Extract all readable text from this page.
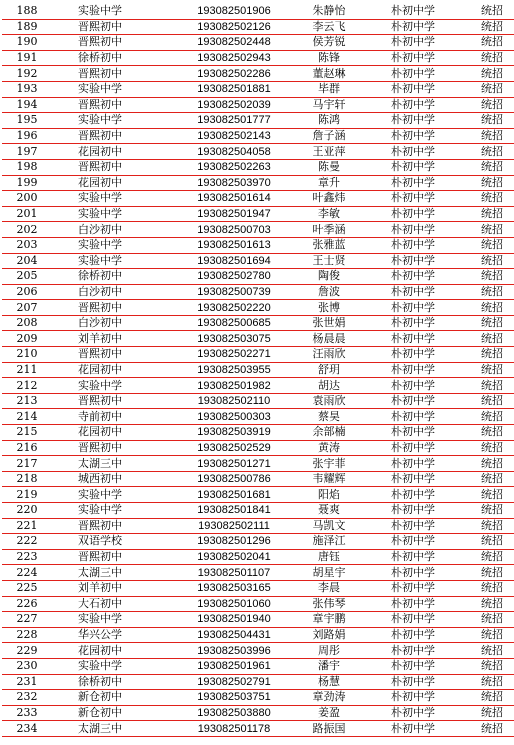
188	实验中学	193082501906	朱静怡	朴初中学	统招
189	晋熙初中	193082502126	李云飞	朴初中学	统招
190	晋熙初中	193082502448	侯芳锐	朴初中学	统招
191	徐桥初中	193082502943	陈锋	朴初中学	统招
192	晋熙初中	193082502286	董赵琳	朴初中学	统招
193	实验中学	193082501881	毕群	朴初中学	统招
194	晋熙初中	193082502039	马宇轩	朴初中学	统招
195	实验中学	193082501777	陈鸿	朴初中学	统招
196	晋熙初中	193082502143	詹子涵	朴初中学	统招
197	花园初中	193082504058	王亚萍	朴初中学	统招
198	晋熙初中	193082502263	陈曼	朴初中学	统招
199	花园初中	193082503970	章升	朴初中学	统招
200	实验中学	193082501614	叶鑫炜	朴初中学	统招
201	实验中学	193082501947	李敏	朴初中学	统招
202	白沙初中	193082500703	叶季涵	朴初中学	统招
203	实验中学	193082501613	张雅蓝	朴初中学	统招
204	实验中学	193082501694	王士贤	朴初中学	统招
205	徐桥初中	193082502780	陶俊	朴初中学	统招
206	白沙初中	193082500739	詹波	朴初中学	统招
207	晋熙初中	193082502220	张博	朴初中学	统招
208	白沙初中	193082500685	张世娟	朴初中学	统招
209	刘羊初中	193082503075	杨晨晨	朴初中学	统招
210	晋熙初中	193082502271	汪雨欣	朴初中学	统招
211	花园初中	193082503955	舒玥	朴初中学	统招
212	实验中学	193082501982	胡达	朴初中学	统招
213	晋熙初中	193082502110	袁雨欣	朴初中学	统招
214	寺前初中	193082500303	蔡昊	朴初中学	统招
215	花园初中	193082503919	余部楠	朴初中学	统招
216	晋熙初中	193082502529	黄涛	朴初中学	统招
217	太湖三中	193082501271	张宇菲	朴初中学	统招
218	城西初中	193082500786	韦耀辉	朴初中学	统招
219	实验中学	193082501681	阳焰	朴初中学	统招
220	实验中学	193082501841	聂爽	朴初中学	统招
221	晋熙初中	193082502111	马凯文	朴初中学	统招
222	双语学校	193082501296	施泽江	朴初中学	统招
223	晋熙初中	193082502041	唐钰	朴初中学	统招
224	太湖三中	193082501107	胡星宇	朴初中学	统招
225	刘羊初中	193082503165	李晨	朴初中学	统招
226	大石初中	193082501060	张伟琴	朴初中学	统招
227	实验中学	193082501940	章宇鹏	朴初中学	统招
228	华兴公学	193082504431	刘路娟	朴初中学	统招
229	花园初中	193082503996	周彤	朴初中学	统招
230	实验中学	193082501961	潘宇	朴初中学	统招
231	徐桥初中	193082502791	杨慧	朴初中学	统招
232	新仓初中	193082503751	章劲涛	朴初中学	统招
233	新仓初中	193082503880	姜盈	朴初中学	统招
234	太湖三中	193082501178	路振国	朴初中学	统招
